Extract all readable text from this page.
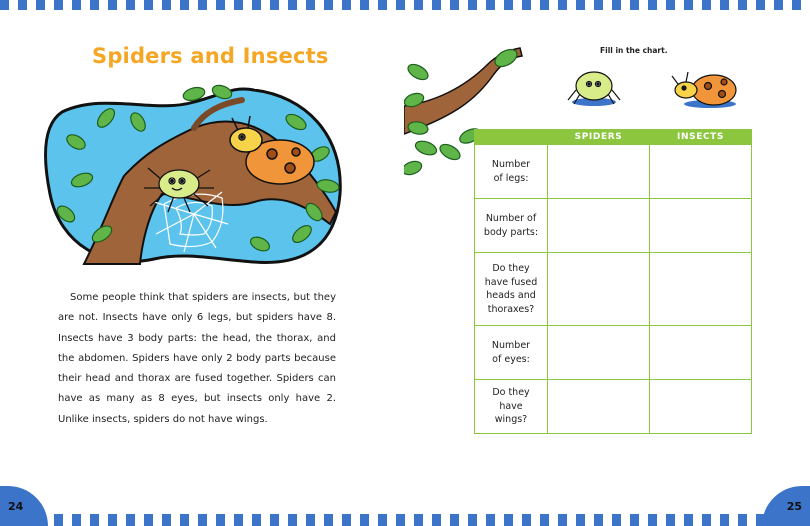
Spiders and Insects

Some people think that spiders are insects, but they are not. Insects have only 6 legs, but spiders have 8. Insects have 3 body parts: the head, the thorax, and the abdomen. Spiders have only 2 body parts because their head and thorax are fused together. Spiders can have as many as 8 eyes, but insects only have 2. Unlike insects, spiders do not have wings.

Fill in the chart.
	SPIDERS	INSECTS
Number of legs:		
Number of body parts:		
Do they have fused heads and thoraxes?		
Number of eyes:		
Do they have wings?		
24	25
